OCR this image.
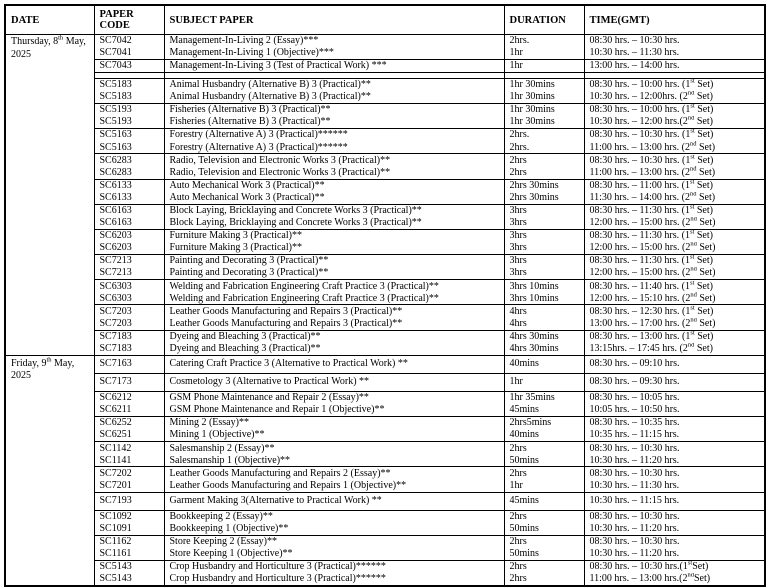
DATE	PAPER CODE	SUBJECT PAPER	DURATION	TIME(GMT)
Thursday, 8th May, 2025	SC7042	Management-In-Living 2 (Essay)***	2hrs.	08:30 hrs. – 10:30 hrs.
	SC7041	Management-In-Living 1 (Objective)***	1hr	10:30 hrs. – 11:30 hrs.
	SC7043	Management-In-Living 3 (Test of Practical Work) ***	1hr	13:00 hrs. – 14:00 hrs.

	SC5183	Animal Husbandry (Alternative B) 3 (Practical)**	1hr 30mins	08:30 hrs. – 10:00 hrs. (1st Set)
	SC5183	Animal Husbandry (Alternative B) 3 (Practical)**	1hr 30mins	10:30 hrs. – 12:00hrs. (2nd Set)
	SC5193	Fisheries (Alternative B) 3 (Practical)**	1hr 30mins	08:30 hrs. – 10:00 hrs. (1st Set)
	SC5193	Fisheries (Alternative B) 3 (Practical)**	1hr 30mins	10:30 hrs. – 12:00 hrs.(2nd Set)
	SC5163	Forestry (Alternative A) 3 (Practical)******	2hrs.	08:30 hrs. – 10:30 hrs. (1st Set)
	SC5163	Forestry (Alternative A) 3 (Practical)******	2hrs.	11:00 hrs. – 13:00 hrs. (2nd Set)
	SC6283	Radio, Television and Electronic Works 3 (Practical)**	2hrs	08:30 hrs. – 10:30 hrs. (1st Set)
	SC6283	Radio, Television and Electronic Works 3 (Practical)**	2hrs	11:00 hrs. – 13:00 hrs. (2nd Set)
	SC6133	Auto Mechanical Work 3 (Practical)**	2hrs 30mins	08:30 hrs. – 11:00 hrs. (1st Set)
	SC6133	Auto Mechanical Work 3 (Practical)**	2hrs 30mins	11:30 hrs. – 14:00 hrs. (2nd Set)
	SC6163	Block Laying, Bricklaying and Concrete Works 3 (Practical)**	3hrs	08:30 hrs. – 11:30 hrs. (1st Set)
	SC6163	Block Laying, Bricklaying and Concrete Works 3 (Practical)**	3hrs	12:00 hrs. – 15:00 hrs. (2nd Set)
	SC6203	Furniture Making 3 (Practical)**	3hrs	08:30 hrs. – 11:30 hrs. (1st Set)
	SC6203	Furniture Making 3 (Practical)**	3hrs	12:00 hrs. – 15:00 hrs. (2nd Set)
	SC7213	Painting and Decorating 3 (Practical)**	3hrs	08:30 hrs. – 11:30 hrs. (1st Set)
	SC7213	Painting and Decorating 3 (Practical)**	3hrs	12:00 hrs. – 15:00 hrs. (2nd Set)
	SC6303	Welding and Fabrication Engineering Craft Practice 3 (Practical)**	3hrs 10mins	08:30 hrs. – 11:40 hrs. (1st Set)
	SC6303	Welding and Fabrication Engineering Craft Practice 3 (Practical)**	3hrs 10mins	12:00 hrs. – 15:10 hrs. (2nd Set)
	SC7203	Leather Goods Manufacturing and Repairs 3 (Practical)**	4hrs	08:30 hrs. – 12:30 hrs. (1st Set)
	SC7203	Leather Goods Manufacturing and Repairs 3 (Practical)**	4hrs	13:00 hrs. – 17:00 hrs. (2nd Set)
	SC7183	Dyeing and Bleaching 3 (Practical)**	4hrs 30mins	08:30 hrs. – 13:00 hrs. (1st Set)
	SC7183	Dyeing and Bleaching 3 (Practical)**	4hrs 30mins	13:15hrs. – 17:45 hrs. (2nd Set)
Friday, 9th May, 2025	SC7163	Catering Craft Practice 3 (Alternative to Practical Work) **	40mins	08:30 hrs. – 09:10 hrs.
	SC7173	Cosmetology 3 (Alternative to Practical Work) **	1hr	08:30 hrs. – 09:30 hrs.
	SC6212	GSM Phone Maintenance and Repair 2 (Essay)**	1hr 35mins	08:30 hrs. – 10:05 hrs.
	SC6211	GSM Phone Maintenance and Repair 1 (Objective)**	45mins	10:05 hrs. – 10:50 hrs.
	SC6252	Mining 2 (Essay)**	2hrs5mins	08:30 hrs. – 10:35 hrs.
	SC6251	Mining 1 (Objective)**	40mins	10:35 hrs. – 11:15 hrs.
	SC1142	Salesmanship 2 (Essay)**	2hrs	08:30 hrs. – 10:30 hrs.
	SC1141	Salesmanship 1 (Objective)**	50mins	10:30 hrs. – 11:20 hrs.
	SC7202	Leather Goods Manufacturing and Repairs 2 (Essay)**	2hrs	08:30 hrs. – 10:30 hrs.
	SC7201	Leather Goods Manufacturing and Repairs 1 (Objective)**	1hr	10:30 hrs. – 11:30 hrs.
	SC7193	Garment Making 3(Alternative to Practical Work) **	45mins	10:30 hrs. – 11:15 hrs.
	SC1092	Bookkeeping 2 (Essay)**	2hrs	08:30 hrs. – 10:30 hrs.
	SC1091	Bookkeeping 1 (Objective)**	50mins	10:30 hrs. – 11:20 hrs.
	SC1162	Store Keeping 2 (Essay)**	2hrs	08:30 hrs. – 10:30 hrs.
	SC1161	Store Keeping 1 (Objective)**	50mins	10:30 hrs. – 11:20 hrs.
	SC5143	Crop Husbandry and Horticulture 3 (Practical)******	2hrs	08:30 hrs. – 10:30 hrs.(1stSet)
	SC5143	Crop Husbandry and Horticulture 3 (Practical)******	2hrs	11:00 hrs. – 13:00 hrs.(2ndSet)
